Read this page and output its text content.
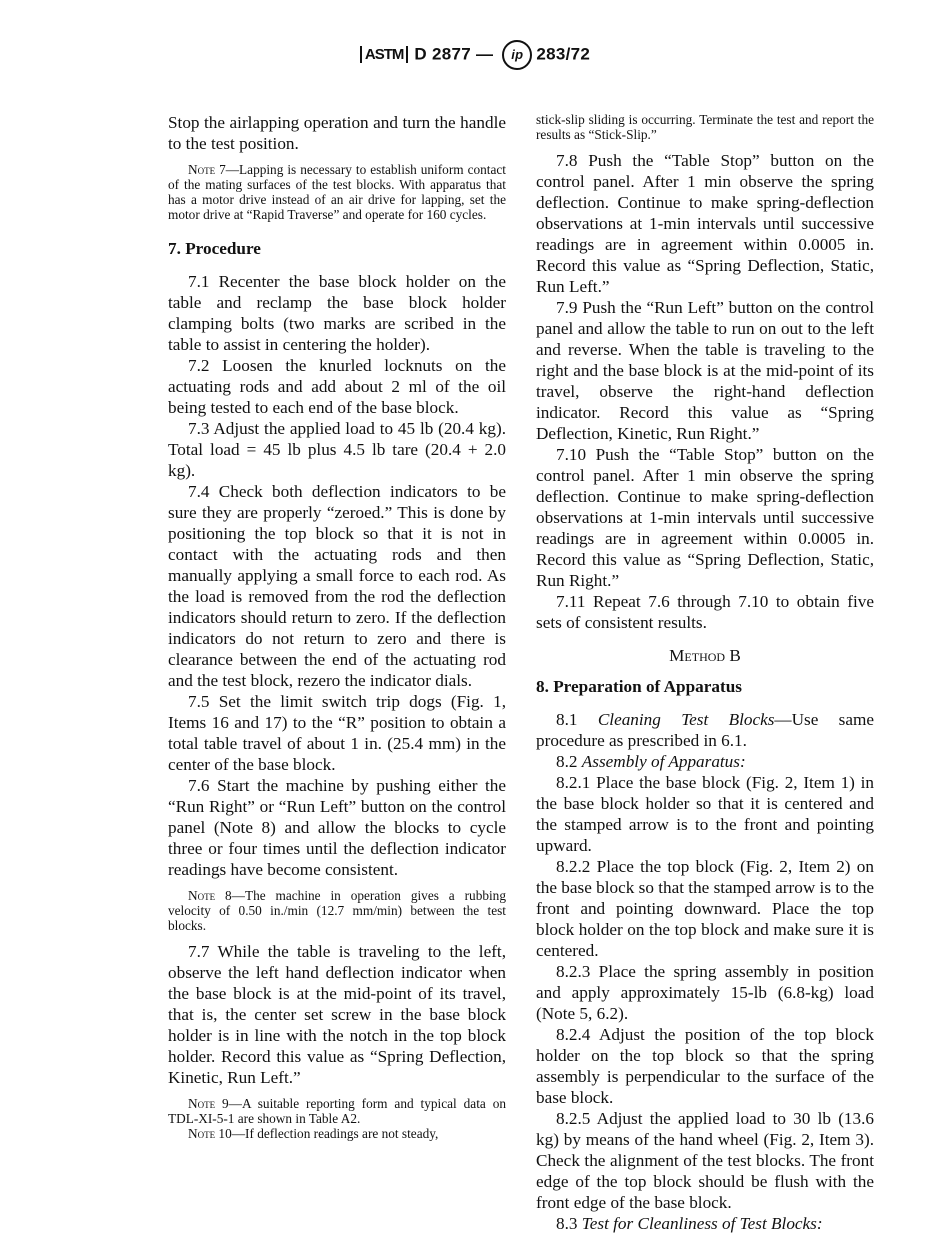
ASTM D 2877 — ip 283/72

Stop the airlapping operation and turn the handle to the test position.

Note 7—Lapping is necessary to establish uniform contact of the mating surfaces of the test blocks. With apparatus that has a motor drive instead of an air drive for lapping, set the motor drive at “Rapid Traverse” and operate for 160 cycles.

7. Procedure

7.1 Recenter the base block holder on the table and reclamp the base block holder clamping bolts (two marks are scribed in the table to assist in centering the holder).

7.2 Loosen the knurled locknuts on the actuating rods and add about 2 ml of the oil being tested to each end of the base block.

7.3 Adjust the applied load to 45 lb (20.4 kg). Total load = 45 lb plus 4.5 lb tare (20.4 + 2.0 kg).

7.4 Check both deflection indicators to be sure they are properly “zeroed.” This is done by positioning the top block so that it is not in contact with the actuating rods and then manually applying a small force to each rod. As the load is removed from the rod the deflection indicators should return to zero. If the deflection indicators do not return to zero and there is clearance between the end of the actuating rod and the test block, rezero the indicator dials.

7.5 Set the limit switch trip dogs (Fig. 1, Items 16 and 17) to the “R” position to obtain a total table travel of about 1 in. (25.4 mm) in the center of the base block.

7.6 Start the machine by pushing either the “Run Right” or “Run Left” button on the control panel (Note 8) and allow the blocks to cycle three or four times until the deflection indicator readings have become consistent.

Note 8—The machine in operation gives a rubbing velocity of 0.50 in./min (12.7 mm/min) between the test blocks.

7.7 While the table is traveling to the left, observe the left hand deflection indicator when the base block is at the mid-point of its travel, that is, the center set screw in the base block holder is in line with the notch in the top block holder. Record this value as “Spring Deflection, Kinetic, Run Left.”

Note 9—A suitable reporting form and typical data on TDL-XI-5-1 are shown in Table A2.

Note 10—If deflection readings are not steady,

stick-slip sliding is occurring. Terminate the test and report the results as “Stick-Slip.”

7.8 Push the “Table Stop” button on the control panel. After 1 min observe the spring deflection. Continue to make spring-deflection observations at 1-min intervals until successive readings are in agreement within 0.0005 in. Record this value as “Spring Deflection, Static, Run Left.”

7.9 Push the “Run Left” button on the control panel and allow the table to run on out to the left and reverse. When the table is traveling to the right and the base block is at the mid-point of its travel, observe the right-hand deflection indicator. Record this value as “Spring Deflection, Kinetic, Run Right.”

7.10 Push the “Table Stop” button on the control panel. After 1 min observe the spring deflection. Continue to make spring-deflection observations at 1-min intervals until successive readings are in agreement within 0.0005 in. Record this value as “Spring Deflection, Static, Run Right.”

7.11 Repeat 7.6 through 7.10 to obtain five sets of consistent results.

Method B

8. Preparation of Apparatus

8.1 Cleaning Test Blocks—Use same procedure as prescribed in 6.1.

8.2 Assembly of Apparatus:

8.2.1 Place the base block (Fig. 2, Item 1) in the base block holder so that it is centered and the stamped arrow is to the front and pointing upward.

8.2.2 Place the top block (Fig. 2, Item 2) on the base block so that the stamped arrow is to the front and pointing downward. Place the top block holder on the top block and make sure it is centered.

8.2.3 Place the spring assembly in position and apply approximately 15-lb (6.8-kg) load (Note 5, 6.2).

8.2.4 Adjust the position of the top block holder on the top block so that the spring assembly is perpendicular to the surface of the base block.

8.2.5 Adjust the applied load to 30 lb (13.6 kg) by means of the hand wheel (Fig. 2, Item 3). Check the alignment of the test blocks. The front edge of the top block should be flush with the front edge of the base block.

8.3 Test for Cleanliness of Test Blocks:
